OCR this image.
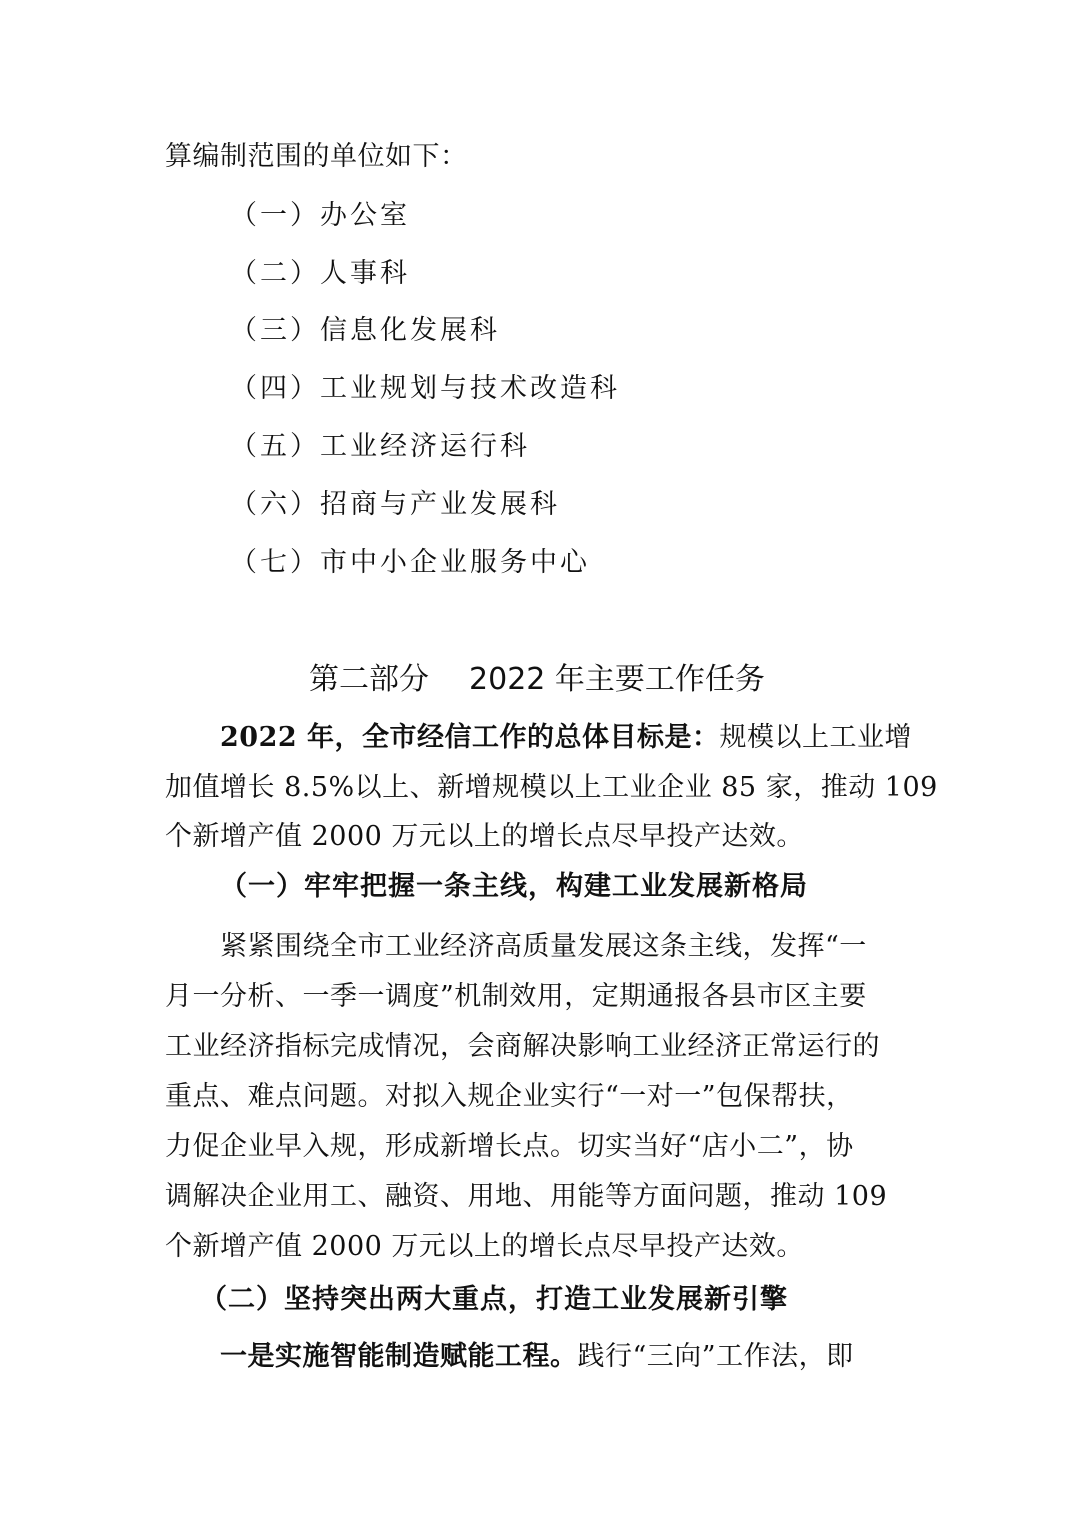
算编制范围的单位如下：
（一）办公室
（二）人事科
（三）信息化发展科
（四）工业规划与技术改造科
（五）工业经济运行科
（六）招商与产业发展科
（七）市中小企业服务中心
第二部分 2022 年主要工作任务
2022 年，全市经信工作的总体目标是：规模以上工业增
加值增长 8.5%以上、新增规模以上工业企业 85 家，推动 109
个新增产值 2000 万元以上的增长点尽早投产达效。
（一）牢牢把握一条主线，构建工业发展新格局
紧紧围绕全市工业经济高质量发展这条主线，发挥“一
月一分析、一季一调度”机制效用，定期通报各县市区主要
工业经济指标完成情况，会商解决影响工业经济正常运行的
重点、难点问题。对拟入规企业实行“一对一”包保帮扶，
力促企业早入规，形成新增长点。切实当好“店小二”，协
调解决企业用工、融资、用地、用能等方面问题，推动 109
个新增产值 2000 万元以上的增长点尽早投产达效。
（二）坚持突出两大重点，打造工业发展新引擎
一是实施智能制造赋能工程。践行“三向”工作法，即
